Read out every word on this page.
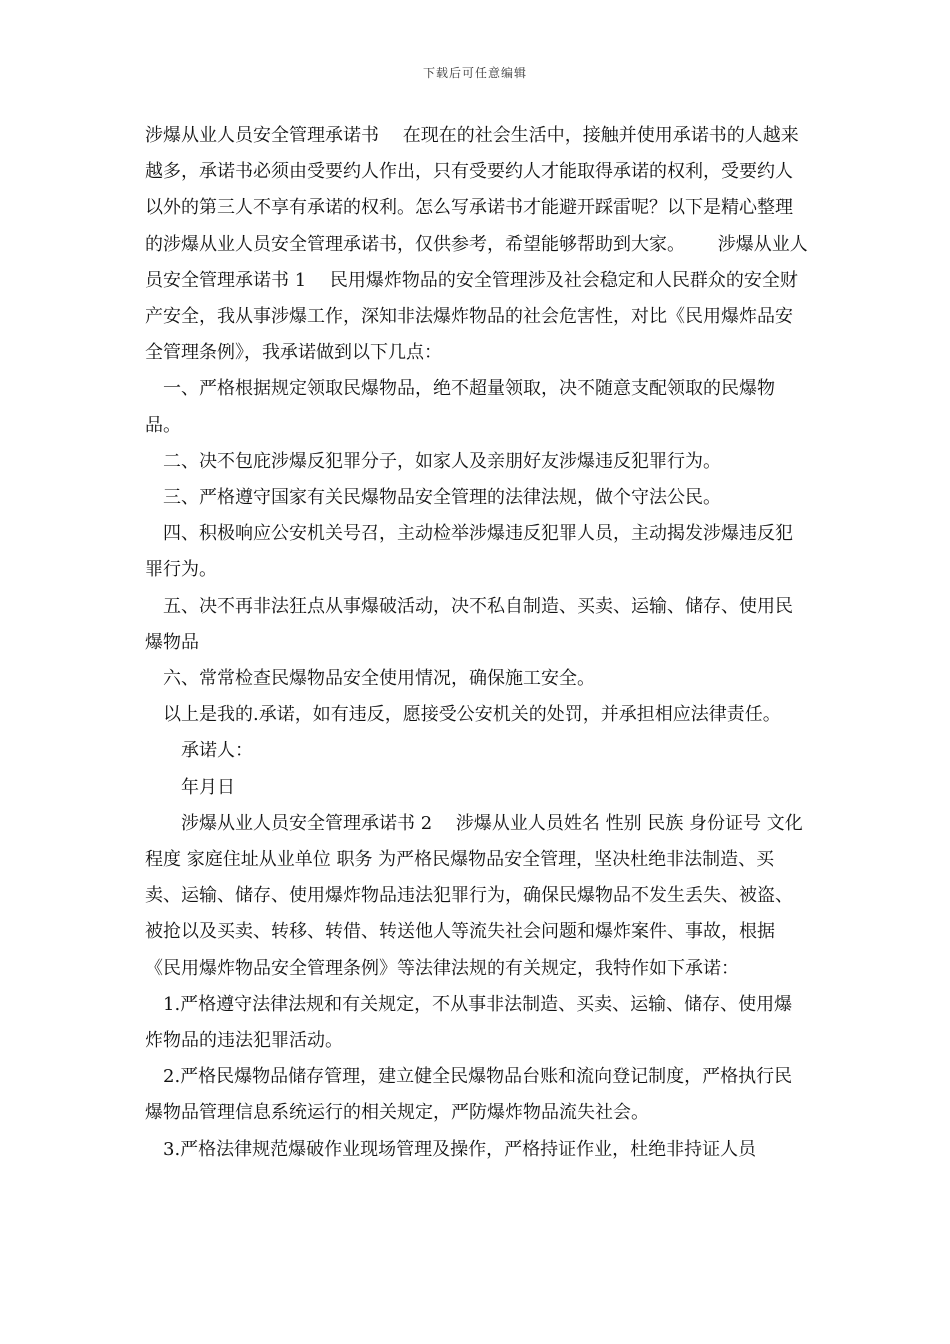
下载后可任意编辑

涉爆从业人员安全管理承诺书　 在现在的社会生活中，接触并使用承诺书的人越来越多，承诺书必须由受要约人作出，只有受要约人才能取得承诺的权利，受要约人以外的第三人不享有承诺的权利。怎么写承诺书才能避开踩雷呢？以下是精心整理的涉爆从业人员安全管理承诺书，仅供参考，希望能够帮助到大家。　　 涉爆从业人员安全管理承诺书 1　 民用爆炸物品的安全管理涉及社会稳定和人民群众的安全财产安全，我从事涉爆工作，深知非法爆炸物品的社会危害性，对比《民用爆炸品安全管理条例》，我承诺做到以下几点：

一、严格根据规定领取民爆物品，绝不超量领取，决不随意支配领取的民爆物品。

二、决不包庇涉爆反犯罪分子，如家人及亲朋好友涉爆违反犯罪行为。

三、严格遵守国家有关民爆物品安全管理的法律法规，做个守法公民。

四、积极响应公安机关号召，主动检举涉爆违反犯罪人员，主动揭发涉爆违反犯罪行为。

五、决不再非法狂点从事爆破活动，决不私自制造、买卖、运输、储存、使用民爆物品

六、常常检查民爆物品安全使用情况，确保施工安全。

以上是我的.承诺，如有违反，愿接受公安机关的处罚，并承担相应法律责任。

承诺人：

年月日

涉爆从业人员安全管理承诺书 2　 涉爆从业人员姓名 性别 民族 身份证号 文化程度 家庭住址从业单位 职务 为严格民爆物品安全管理，坚决杜绝非法制造、买卖、运输、储存、使用爆炸物品违法犯罪行为，确保民爆物品不发生丢失、被盗、被抢以及买卖、转移、转借、转送他人等流失社会问题和爆炸案件、事故，根据《民用爆炸物品安全管理条例》等法律法规的有关规定，我特作如下承诺：

1.严格遵守法律法规和有关规定，不从事非法制造、买卖、运输、储存、使用爆炸物品的违法犯罪活动。

2.严格民爆物品储存管理，建立健全民爆物品台账和流向登记制度，严格执行民爆物品管理信息系统运行的相关规定，严防爆炸物品流失社会。

3.严格法律规范爆破作业现场管理及操作，严格持证作业，杜绝非持证人员
